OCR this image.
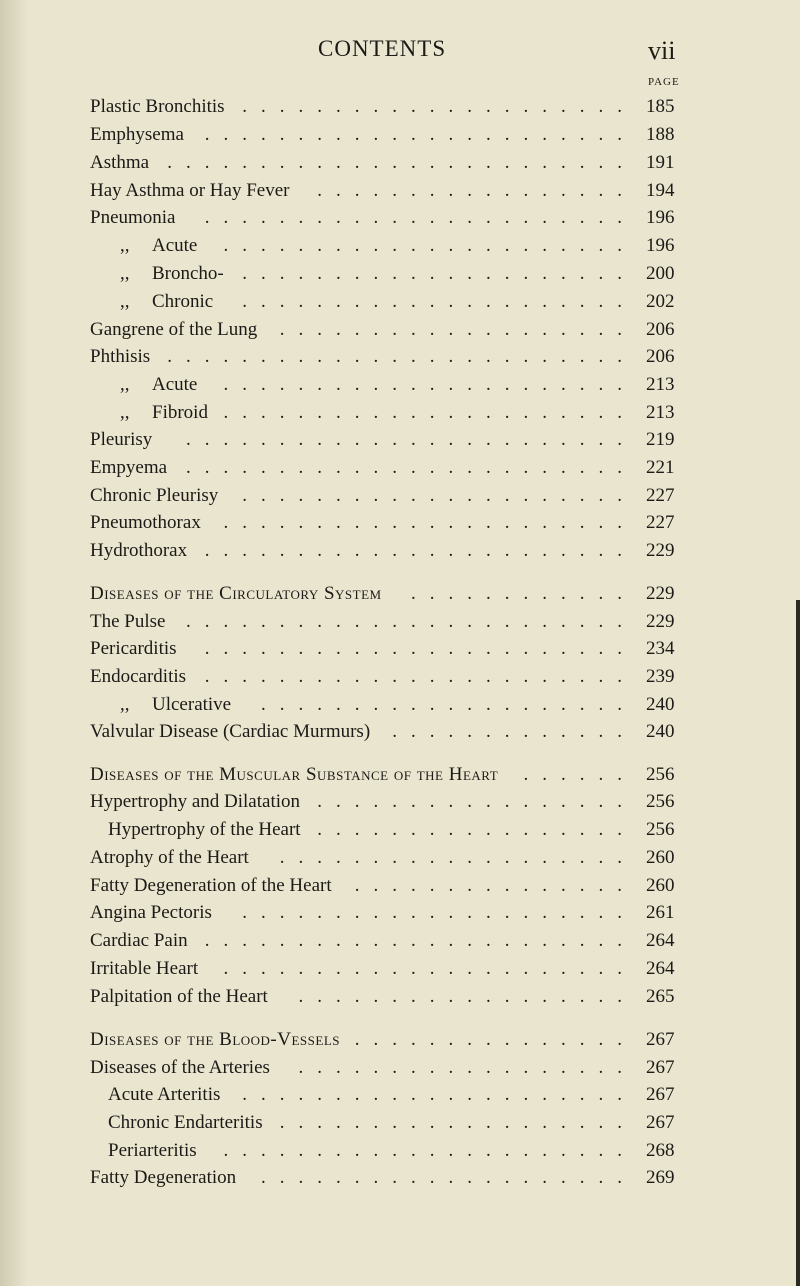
CONTENTS	vii
PAGE
Plastic Bronchitis	185
.....................
Emphysema	188
.......................
Asthma	191
.........................
Hay Asthma or Hay Fever	194
.................
Pneumonia	196
.......................
,, Acute	196
......................
,, Broncho-	200
.....................
,, Chronic	202
.....................
Gangrene of the Lung	206
...................
Phthisis	206
.........................
,, Acute	213
......................
,, Fibroid	213
......................
Pleurisy	219
........................
Empyema	221
........................
Chronic Pleurisy	227
.....................
Pneumothorax	227
......................
Hydrothorax	229
.......................
Diseases of the Circulatory System	229
............
The Pulse	229
........................
Pericarditis	234
.......................
Endocarditis	239
.......................
,, Ulcerative	240
....................
Valvular Disease (Cardiac Murmurs)	240
.............
Diseases of the Muscular Substance of the Heart	256
......
Hypertrophy and Dilatation	256
.................
Hypertrophy of the Heart	256
.................
Atrophy of the Heart	260
...................
Fatty Degeneration of the Heart	260
...............
Angina Pectoris	261
.....................
Cardiac Pain	264
.......................
Irritable Heart	264
......................
Palpitation of the Heart	265
..................
Diseases of the Blood-Vessels	267
...............
Diseases of the Arteries	267
..................
Acute Arteritis	267
.....................
Chronic Endarteritis	267
...................
Periarteritis	268
......................
Fatty Degeneration	269
....................
